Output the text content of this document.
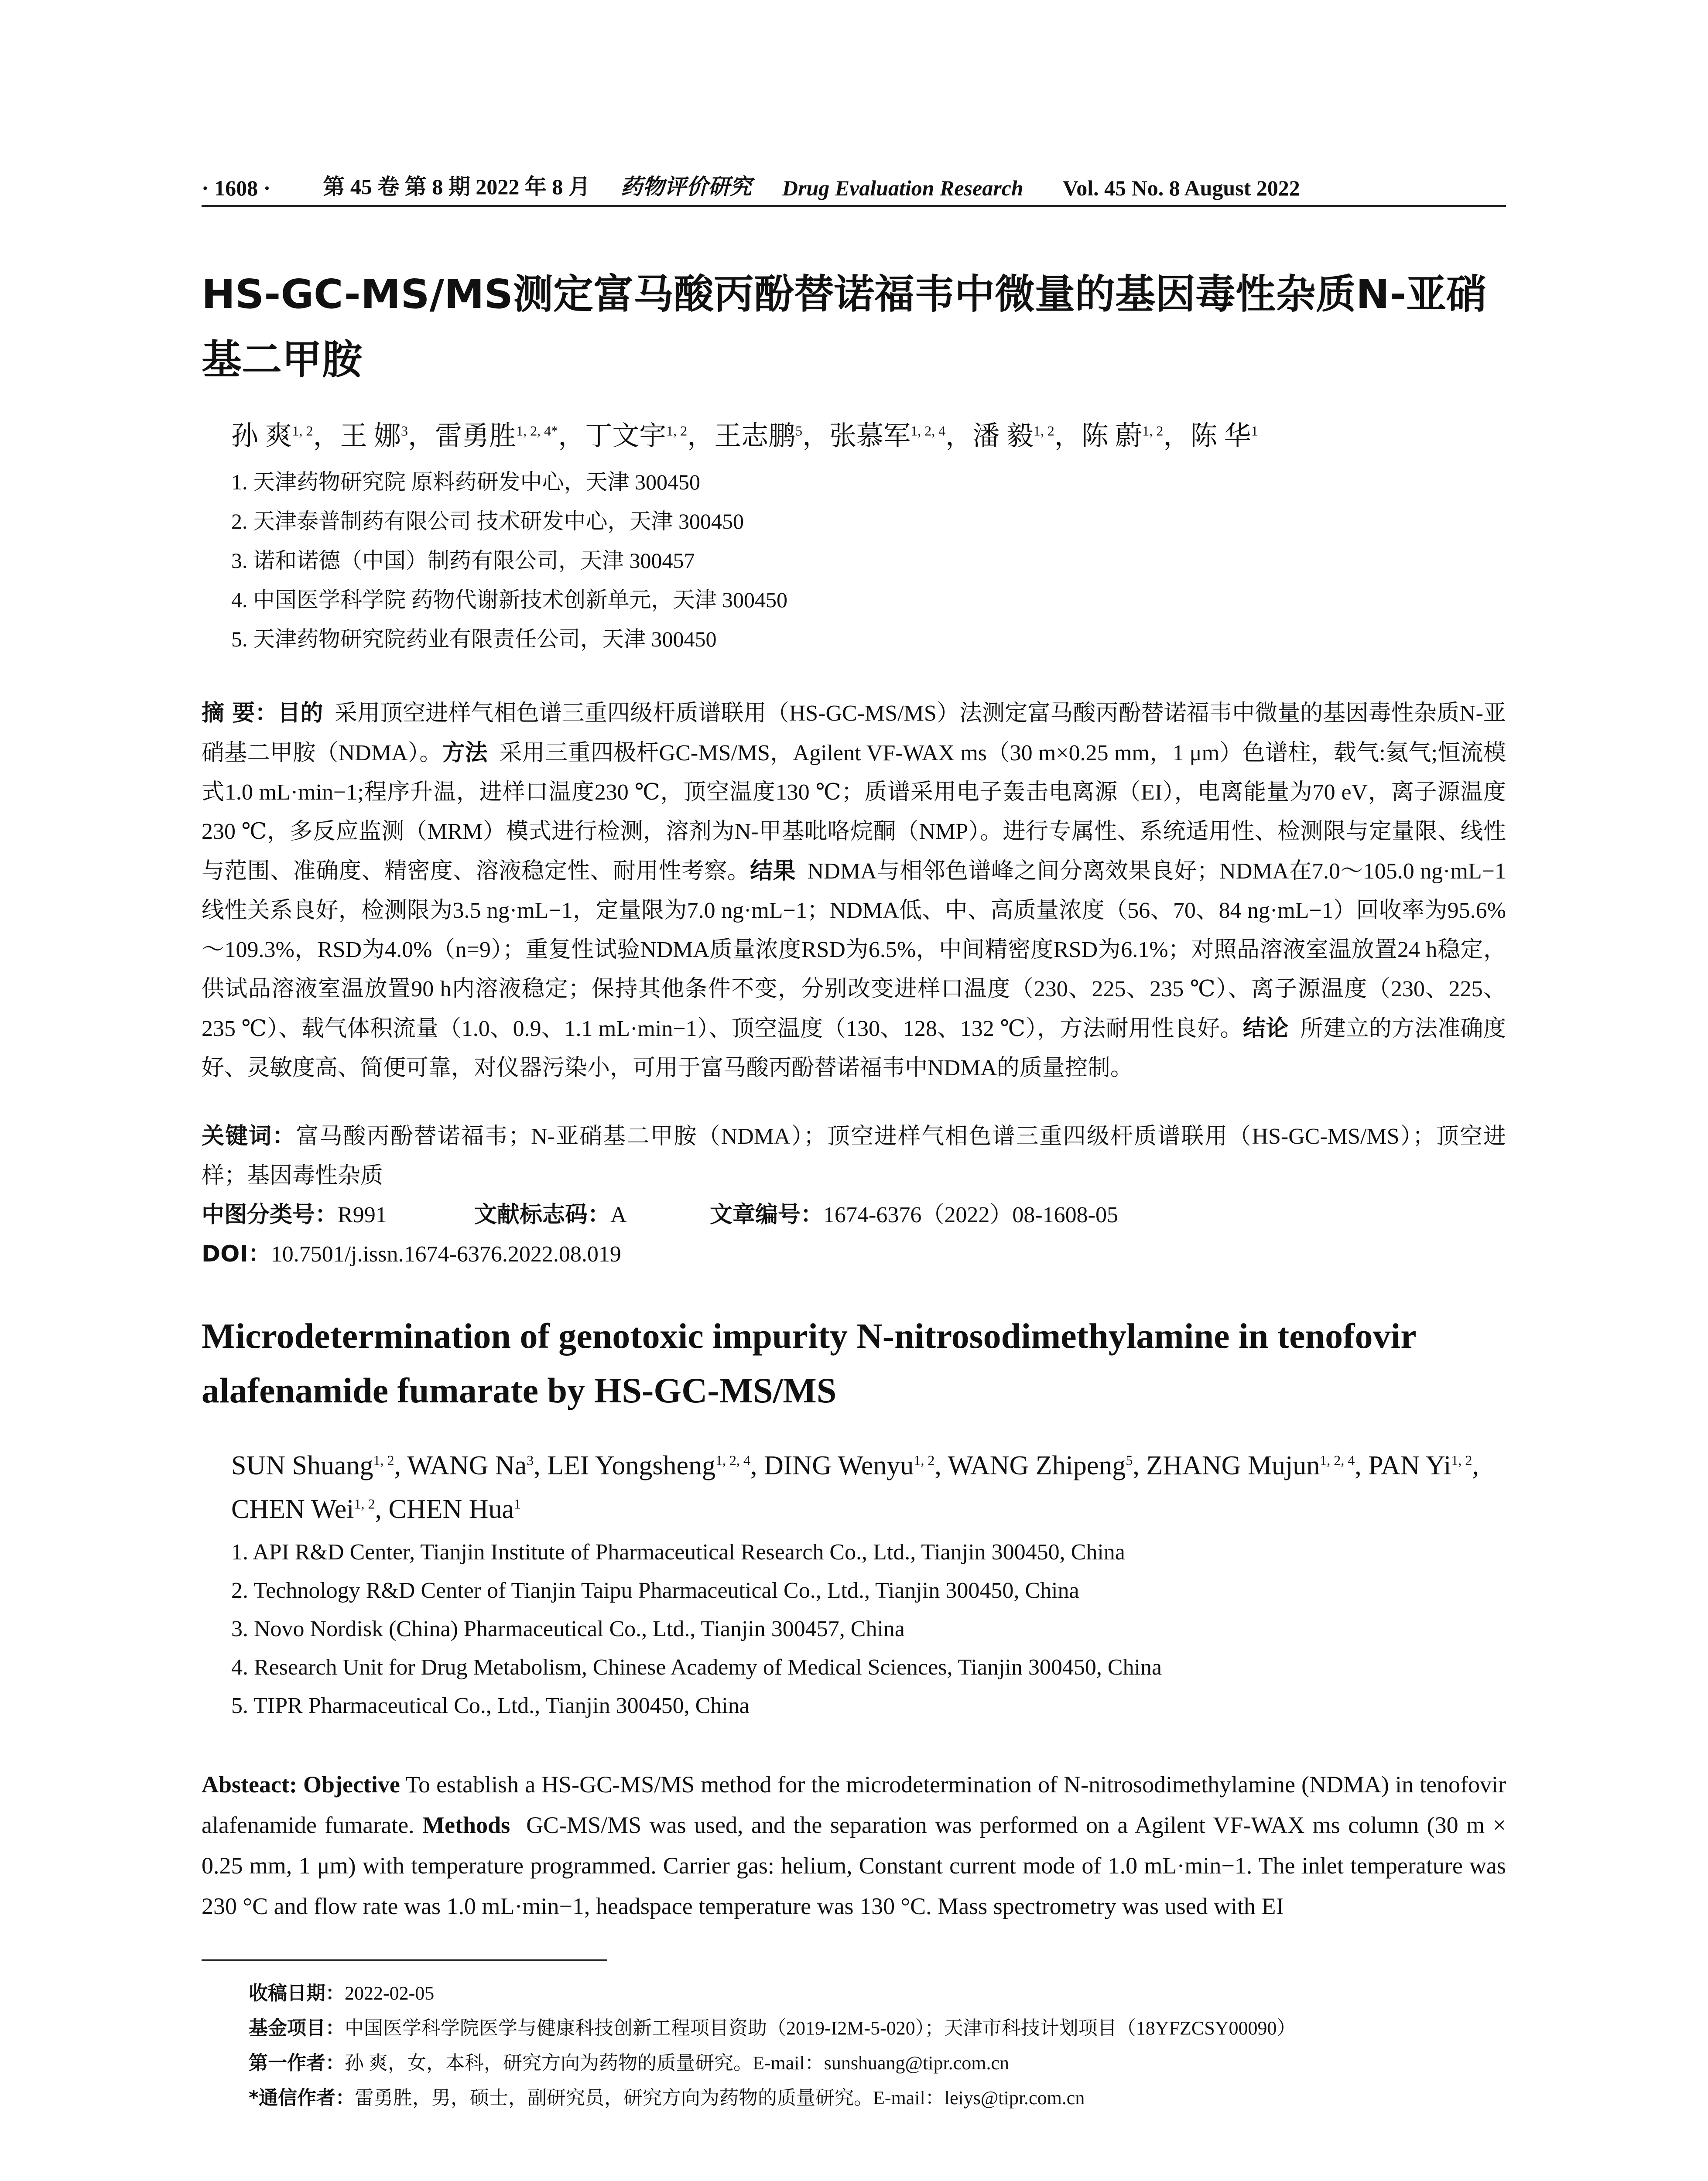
· 1608 · 第 45 卷 第 8 期 2022 年 8 月 药物评价研究 Drug Evaluation Research Vol. 45 No. 8 August 2022
HS-GC-MS/MS测定富马酸丙酚替诺福韦中微量的基因毒性杂质N-亚硝基二甲胺
孙 爽$^{1, 2}$，王 娜$^3$，雷勇胜$^{1, 2, 4*}$，丁文宇$^{1, 2}$，王志鹏$^5$，张慕军$^{1, 2, 4}$，潘 毅$^{1, 2}$，陈 蔚$^{1, 2}$，陈 华$^1$
1. 天津药物研究院 原料药研发中心，天津 300450
2. 天津泰普制药有限公司 技术研发中心，天津 300450
3. 诺和诺德（中国）制药有限公司，天津 300457
4. 中国医学科学院 药物代谢新技术创新单元，天津 300450
5. 天津药物研究院药业有限责任公司，天津 300450

摘 要：目的 采用顶空进样气相色谱三重四级杆质谱联用（HS-GC-MS/MS）法测定富马酸丙酚替诺福韦中微量的基因毒性杂质N-亚硝基二甲胺（NDMA）。方法 采用三重四极杆GC-MS/MS，Agilent VF-WAX ms（30 m×0.25 mm，1 μm）色谱柱，载气:氦气;恒流模式1.0 mL·min−1;程序升温，进样口温度230 ℃，顶空温度130 ℃；质谱采用电子轰击电离源（EI），电离能量为70 eV，离子源温度230 ℃，多反应监测（MRM）模式进行检测，溶剂为N-甲基吡咯烷酮（NMP）。进行专属性、系统适用性、检测限与定量限、线性与范围、准确度、精密度、溶液稳定性、耐用性考察。结果 NDMA与相邻色谱峰之间分离效果良好；NDMA在7.0～105.0 ng·mL−1线性关系良好，检测限为3.5 ng·mL−1，定量限为7.0 ng·mL−1；NDMA低、中、高质量浓度（56、70、84 ng·mL−1）回收率为95.6%～109.3%，RSD为4.0%（n=9）；重复性试验NDMA质量浓度RSD为6.5%，中间精密度RSD为6.1%；对照品溶液室温放置24 h稳定，供试品溶液室温放置90 h内溶液稳定；保持其他条件不变，分别改变进样口温度（230、225、235 ℃）、离子源温度（230、225、235 ℃）、载气体积流量（1.0、0.9、1.1 mL·min−1）、顶空温度（130、128、132 ℃），方法耐用性良好。结论 所建立的方法准确度好、灵敏度高、简便可靠，对仪器污染小，可用于富马酸丙酚替诺福韦中NDMA的质量控制。

关键词：富马酸丙酚替诺福韦；N-亚硝基二甲胺（NDMA）；顶空进样气相色谱三重四级杆质谱联用（HS-GC-MS/MS）；顶空进样；基因毒性杂质

中图分类号：R991	文献标志码：A	文章编号：1674-6376（2022）08-1608-05
DOI：10.7501/j.issn.1674-6376.2022.08.019
Microdetermination of genotoxic impurity N-nitrosodimethylamine in tenofovir alafenamide fumarate by HS-GC-MS/MS

SUN Shuang$^{1, 2}$, WANG Na$^3$, LEI Yongsheng$^{1, 2, 4}$, DING Wenyu$^{1, 2}$, WANG Zhipeng$^5$, ZHANG Mujun$^{1, 2, 4}$, PAN Yi$^{1, 2}$, CHEN Wei$^{1, 2}$, CHEN Hua$^1$

1. API R&D Center, Tianjin Institute of Pharmaceutical Research Co., Ltd., Tianjin 300450, China
2. Technology R&D Center of Tianjin Taipu Pharmaceutical Co., Ltd., Tianjin 300450, China
3. Novo Nordisk (China) Pharmaceutical Co., Ltd., Tianjin 300457, China
4. Research Unit for Drug Metabolism, Chinese Academy of Medical Sciences, Tianjin 300450, China
5. TIPR Pharmaceutical Co., Ltd., Tianjin 300450, China

Absteact: Objective To establish a HS-GC-MS/MS method for the microdetermination of N-nitrosodimethylamine (NDMA) in tenofovir alafenamide fumarate. Methods GC-MS/MS was used, and the separation was performed on a Agilent VF-WAX ms column (30 m × 0.25 mm, 1 μm) with temperature programmed. Carrier gas: helium, Constant current mode of 1.0 mL·min−1. The inlet temperature was 230 °C and flow rate was 1.0 mL·min−1, headspace temperature was 130 °C. Mass spectrometry was used with EI

收稿日期：2022-02-05
基金项目：中国医学科学院医学与健康科技创新工程项目资助（2019-I2M-5-020）；天津市科技计划项目（18YFZCSY00090）
第一作者：孙 爽，女，本科，研究方向为药物的质量研究。E-mail：sunshuang@tipr.com.cn
*通信作者：雷勇胜，男，硕士，副研究员，研究方向为药物的质量研究。E-mail：leiys@tipr.com.cn
